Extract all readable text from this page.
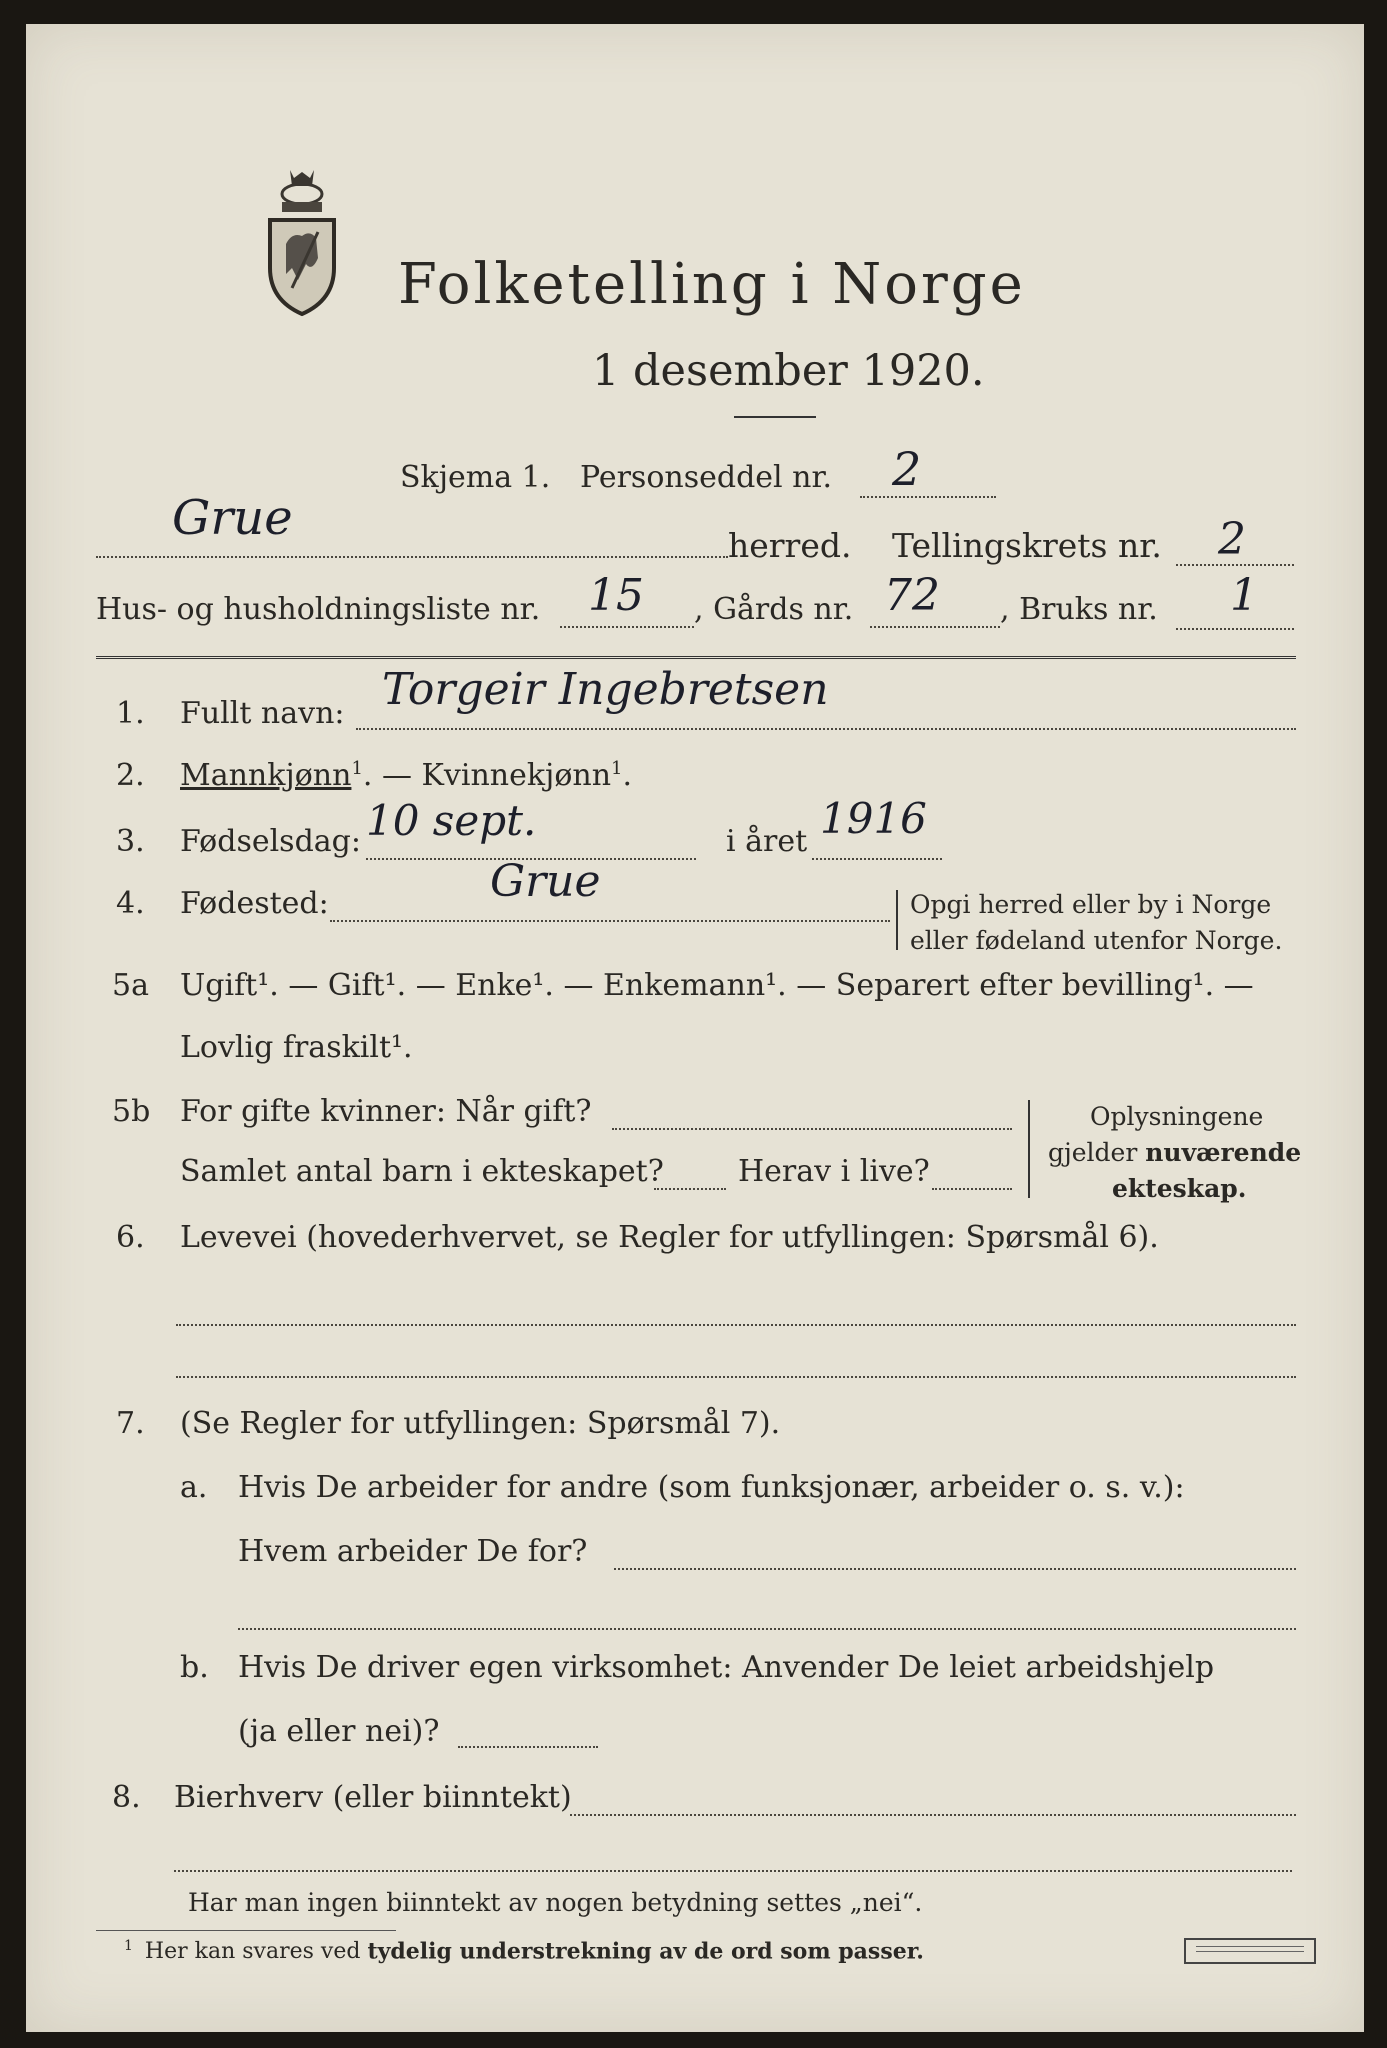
Folketelling i Norge
1 desember 1920.
Skjema 1. Personseddel nr. 2
Grue	herred. Tellingskrets nr. 2
Hus- og husholdningsliste nr. 15 , Gårds nr. 72 , Bruks nr. 1
1. Fullt navn: Torgeir Ingebretsen
2. Mannkjønn$^1$. — Kvinnekjønn$^1$.
3. Fødselsdag: 10 sept.	i året 1916
4. Fødested:	Grue	Opgi herred eller by i Norge
eller fødeland utenfor Norge.
5a Ugift¹. — Gift¹. — Enke¹. — Enkemann¹. — Separert efter bevilling¹. —
Lovlig fraskilt¹.
5b For gifte kvinner: Når gift?
Samlet antal barn i ekteskapet? Herav i live?
Oplysningene
gjelder nuværende
ekteskap.
6. Levevei (hovederhvervet, se Regler for utfyllingen: Spørsmål 6).
7. (Se Regler for utfyllingen: Spørsmål 7).
a. Hvis De arbeider for andre (som funksjonær, arbeider o. s. v.):
Hvem arbeider De for?
b. Hvis De driver egen virksomhet: Anvender De leiet arbeidshjelp
(ja eller nei)?
8. Bierhverv (eller biinntekt)
Har man ingen biinntekt av nogen betydning settes „nei“.
$^1$ Her kan svares ved tydelig understrekning av de ord som passer.
